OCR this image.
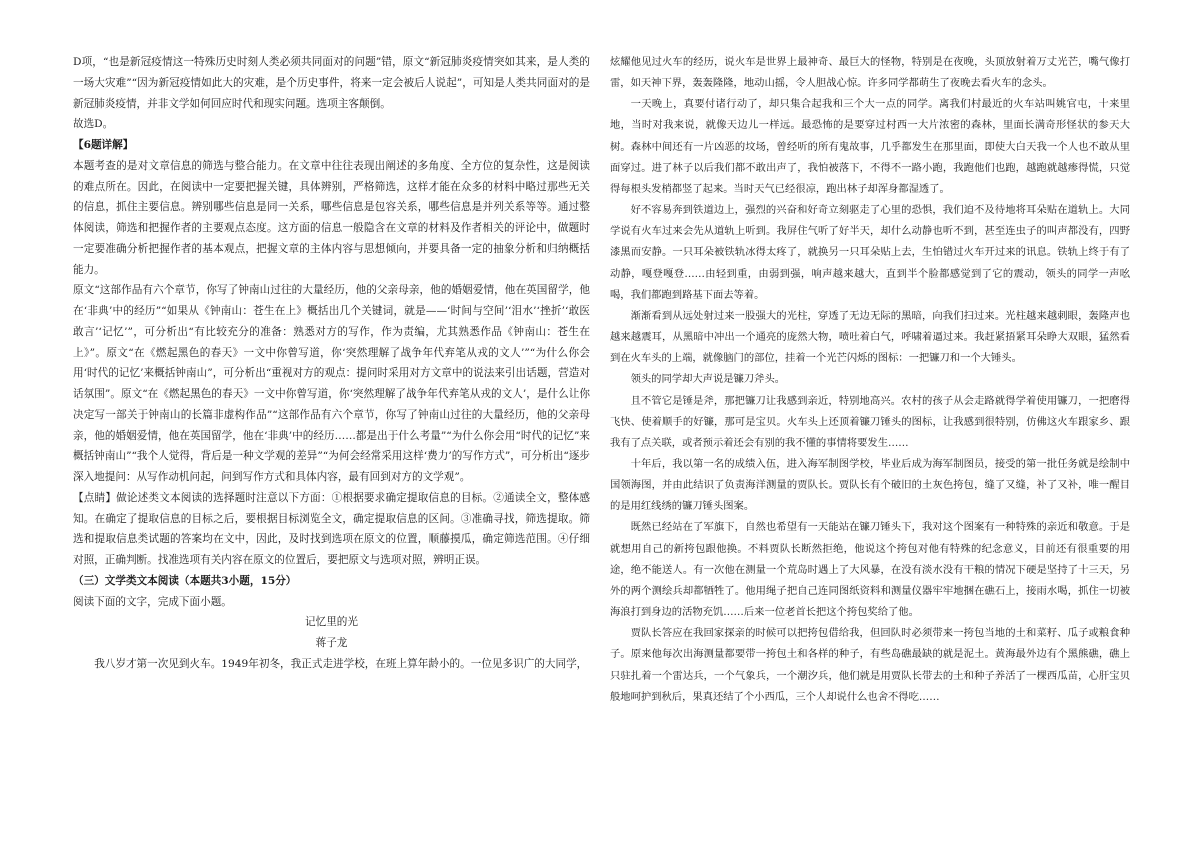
D项，“也是新冠疫情这一特殊历史时刻人类必须共同面对的问题”错，原文“新冠肺炎疫情突如其来，是人类的一场大灾难”“因为新冠疫情如此大的灾难，是个历史事件，将来一定会被后人说起”，可知是人类共同面对的是新冠肺炎疫情，并非文学如何回应时代和现实问题。选项主客颠倒。

故选D。

【6题详解】

本题考查的是对文章信息的筛选与整合能力。在文章中往往表现出阐述的多角度、全方位的复杂性，这是阅读的难点所在。因此，在阅读中一定要把握关键，具体辨别，严格筛选，这样才能在众多的材料中略过那些无关的信息，抓住主要信息。辨别哪些信息是同一关系，哪些信息是包容关系，哪些信息是并列关系等等。通过整体阅读，筛选和把握作者的主要观点态度。这方面的信息一般隐含在文章的材料及作者相关的评论中，做题时一定要准确分析把握作者的基本观点，把握文章的主体内容与思想倾向，并要具备一定的抽象分析和归纳概括能力。

原文“这部作品有六个章节，你写了钟南山过往的大量经历，他的父亲母亲，他的婚姻爱情，他在英国留学，他在‘非典’中的经历”“如果从《钟南山：苍生在上》概括出几个关键词，就是——‘时间与空间’‘泪水’‘挫折’‘敢医敢言’‘记忆’”，可分析出“有比较充分的准备：熟悉对方的写作，作为责编，尤其熟悉作品《钟南山：苍生在上》”。原文“在《燃起黑色的春天》一文中你曾写道，你‘突然理解了战争年代弃笔从戎的文人’”“为什么你会用‘时代的记忆’来概括钟南山”，可分析出“重视对方的观点：提问时采用对方文章中的说法来引出话题，营造对话氛围”。原文“在《燃起黑色的春天》一文中你曾写道，你‘突然理解了战争年代弃笔从戎的文人’，是什么让你决定写一部关于钟南山的长篇非虚构作品”“这部作品有六个章节，你写了钟南山过往的大量经历，他的父亲母亲，他的婚姻爱情，他在英国留学，他在‘非典’中的经历……都是出于什么考量”“为什么你会用“时代的记忆”来概括钟南山”“我个人觉得，背后是一种文学观的差异”“为何会经常采用这样‘费力’的写作方式”，可分析出“逐步深入地提问：从写作动机问起，问到写作方式和具体内容，最有回到对方的文学观”。

【点睛】做论述类文本阅读的选择题时注意以下方面：①根据要求确定提取信息的目标。②通读全文，整体感知。在确定了提取信息的目标之后，要根据目标浏览全文，确定提取信息的区间。③准确寻找，筛选提取。筛选和提取信息类试题的答案均在文中，因此，及时找到选项在原文的位置，顺藤摸瓜，确定筛选范围。④仔细对照，正确判断。找准选项有关内容在原文的位置后，要把原文与选项对照，辨明正误。

（三）文学类文本阅读（本题共3小题，15分）

阅读下面的文字，完成下面小题。

记忆里的光

蒋子龙

我八岁才第一次见到火车。1949年初冬，我正式走进学校，在班上算年龄小的。一位见多识广的大同学，

炫耀他见过火车的经历，说火车是世界上最神奇、最巨大的怪物，特别是在夜晚，头顶放射着万丈光芒，嘴气像打雷，如天神下界，轰轰隆隆，地动山摇，令人胆战心惊。许多同学都萌生了夜晚去看火车的念头。

一天晚上，真要付诸行动了，却只集合起我和三个大一点的同学。离我们村最近的火车站叫姚官屯，十来里地，当时对我来说，就像天边儿一样远。最恐怖的是要穿过村西一大片浓密的森林，里面长满奇形怪状的参天大树。森林中间还有一片凶恶的坟场，曾经听的所有鬼故事，几乎都发生在那里面，即使大白天我一个人也不敢从里面穿过。进了林子以后我们都不敢出声了，我怕被落下，不得不一路小跑，我跑他们也跑，越跑就越瘆得慌，只觉得每根头发梢都竖了起来。当时天气已经很凉，跑出林子却浑身都湿透了。

好不容易奔到铁道边上，强烈的兴奋和好奇立刻驱走了心里的恐惧，我们迫不及待地将耳朵贴在道轨上。大同学说有火车过来会先从道轨上听到。我屏住气听了好半天，却什么动静也听不到，甚至连虫子的叫声都没有，四野漆黑而安静。一只耳朵被铁轨冰得太疼了，就换另一只耳朵贴上去，生怕错过火车开过来的讯息。铁轨上终于有了动静，嘎登嘎登……由轻到重，由弱到强，响声越来越大，直到半个脸都感觉到了它的震动，领头的同学一声吆喝，我们都跑到路基下面去等着。

渐渐看到从远处射过来一股强大的光柱，穿透了无边无际的黑暗，向我们扫过来。光柱越来越刺眼，轰隆声也越来越震耳，从黑暗中冲出一个通亮的庞然大物，喷吐着白气，呼啸着逼过来。我赶紧捂紧耳朵睁大双眼，猛然看到在火车头的上端，就像脑门的部位，挂着一个光芒闪烁的图标：一把镰刀和一个大锤头。

领头的同学却大声说是镰刀斧头。

且不管它是锤是斧，那把镰刀让我感到亲近，特别地高兴。农村的孩子从会走路就得学着使用镰刀，一把磨得飞快、使着顺手的好镰，那可是宝贝。火车头上还顶着镰刀锤头的图标，让我感到很特别，仿佛这火车跟家乡、跟我有了点关联，或者预示着还会有别的我不懂的事情将要发生……

十年后，我以第一名的成绩入伍，进入海军制图学校，毕业后成为海军制图员，接受的第一批任务就是绘制中国领海图，并由此结识了负责海洋测量的贾队长。贾队长有个破旧的土灰色挎包，缝了又缝，补了又补，唯一醒目的是用红线绣的镰刀锤头图案。

既然已经站在了军旗下，自然也希望有一天能站在镰刀锤头下，我对这个图案有一种特殊的亲近和敬意。于是就想用自己的新挎包跟他换。不料贾队长断然拒绝，他说这个挎包对他有特殊的纪念意义，目前还有很重要的用途，绝不能送人。有一次他在测量一个荒岛时遇上了大风暴，在没有淡水没有干粮的情况下硬是坚持了十三天，另外的两个测绘兵却都牺牲了。他用绳子把自己连同图纸资料和测量仪器牢牢地捆在礁石上，接雨水喝，抓住一切被海浪打到身边的活物充饥……后来一位老首长把这个挎包奖给了他。

贾队长答应在我回家探亲的时候可以把挎包借给我，但回队时必须带来一挎包当地的土和菜籽、瓜子或粮食种子。原来他每次出海测量都要带一挎包土和各样的种子，有些岛礁最缺的就是泥土。黄海最外边有个黑熊礁，礁上只驻扎着一个雷达兵，一个气象兵，一个潮汐兵，他们就是用贾队长带去的土和种子养活了一棵西瓜苗，心肝宝贝般地呵护到秋后，果真还结了个小西瓜，三个人却说什么也舍不得吃……
